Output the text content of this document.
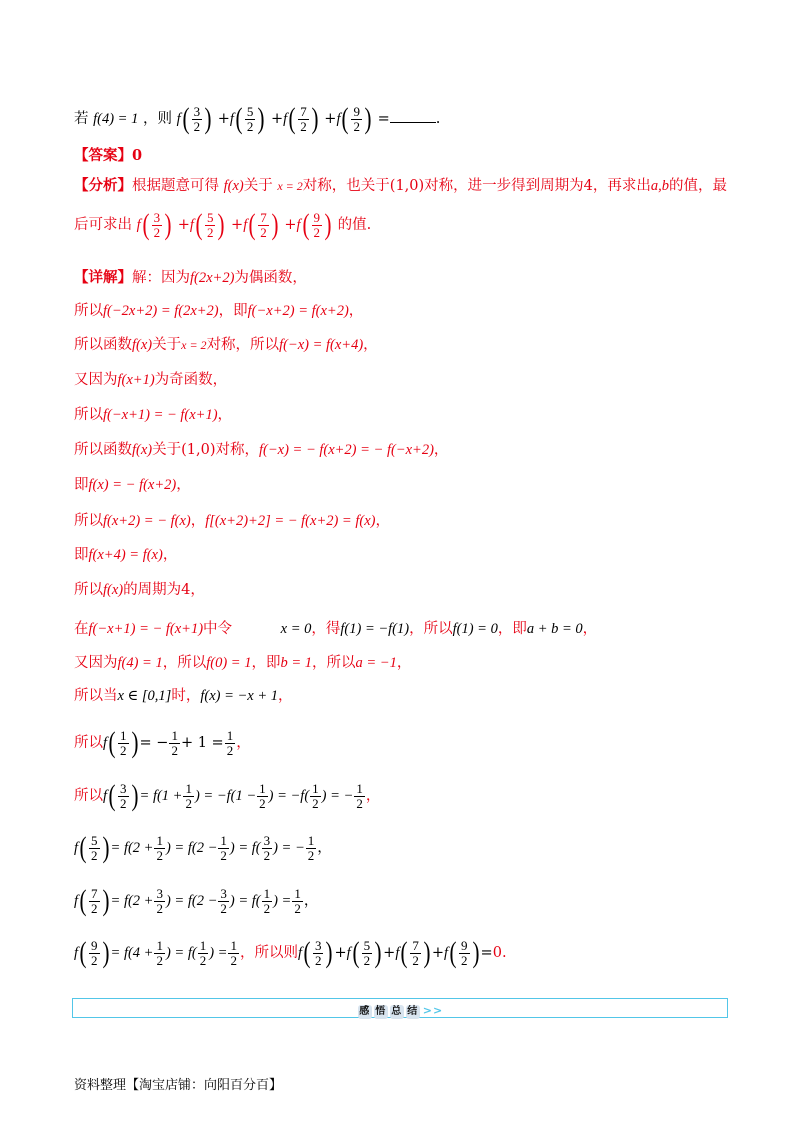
若 f(4) = 1 ，则 $f( \frac{3}{2}$ ) $+f( \frac{5}{2}$ ) $+f( \frac{7}{2}$ ) $+f( \frac{9}{2}$ ) =	.
【答案】0
【分析】根据题意可得 f(x)关于 x = 2对称，也关于(1,0)对称，进一步得到周期为4，再求出a,b的值，最
后可求出 $f( \frac{3}{2}$ ) $+f( \frac{5}{2}$ ) $+f( \frac{7}{2}$ ) $+f( \frac{9}{2}$ ) 的值.
【详解】解：因为f(2x+2)为偶函数，
所以f(−2x+2) = f(2x+2)，即f(−x+2) = f(x+2)，
所以函数f(x)关于x = 2对称，所以f(−x) = f(x+4)，
又因为f(x+1)为奇函数，
所以f(−x+1) = − f(x+1)，
所以函数f(x)关于(1,0)对称，f(−x) = − f(x+2) = − f(−x+2)，
即f(x) = − f(x+2)，
所以f(x+2) = − f(x)，f[(x+2)+2] = − f(x+2) = f(x)，
即f(x+4) = f(x)，
所以f(x)的周期为4，
在f(−x+1) = − f(x+1)中令	x = 0，得f(1) = −f(1)，所以f(1) = 0，即a + b = 0，
又因为f(4) = 1，所以f(0) = 1，即b = 1，所以a = −1，
所以当x ∈ [0,1]时，f(x) = −x + 1，
所以$f( \frac{1}{2}$ ) = − $\frac{1}{2} + 1 = \frac{1}{2}$ ，
所以$f( \frac{3}{2}$ ) = $f(1 + \frac{1}{2}$ ) = $-f(1 - \frac{1}{2}$ ) = $-f( \frac{1}{2}$ ) = − $\frac{1}{2}$ ，
$f( \frac{5}{2}$ ) = $f(2 + \frac{1}{2}$ ) = $f(2 - \frac{1}{2}$ ) = $f( \frac{3}{2}$ ) = − $\frac{1}{2}$ ，
$f( \frac{7}{2}$ ) = $f(2 + \frac{3}{2}$ ) = $f(2 - \frac{3}{2}$ ) = $f( \frac{1}{2}$ ) = $\frac{1}{2}$ ，
$f( \frac{9}{2}$ ) = $f(4 + \frac{1}{2}$ ) = $f( \frac{1}{2}$ ) = $\frac{1}{2}$ ，所以则$f( \frac{3}{2}$ ) $+f( \frac{5}{2}$ ) $+f( \frac{7}{2}$ ) $+f( \frac{9}{2}$ ) =0.
感 悟 总 结 >>
资料整理【淘宝店铺：向阳百分百】
